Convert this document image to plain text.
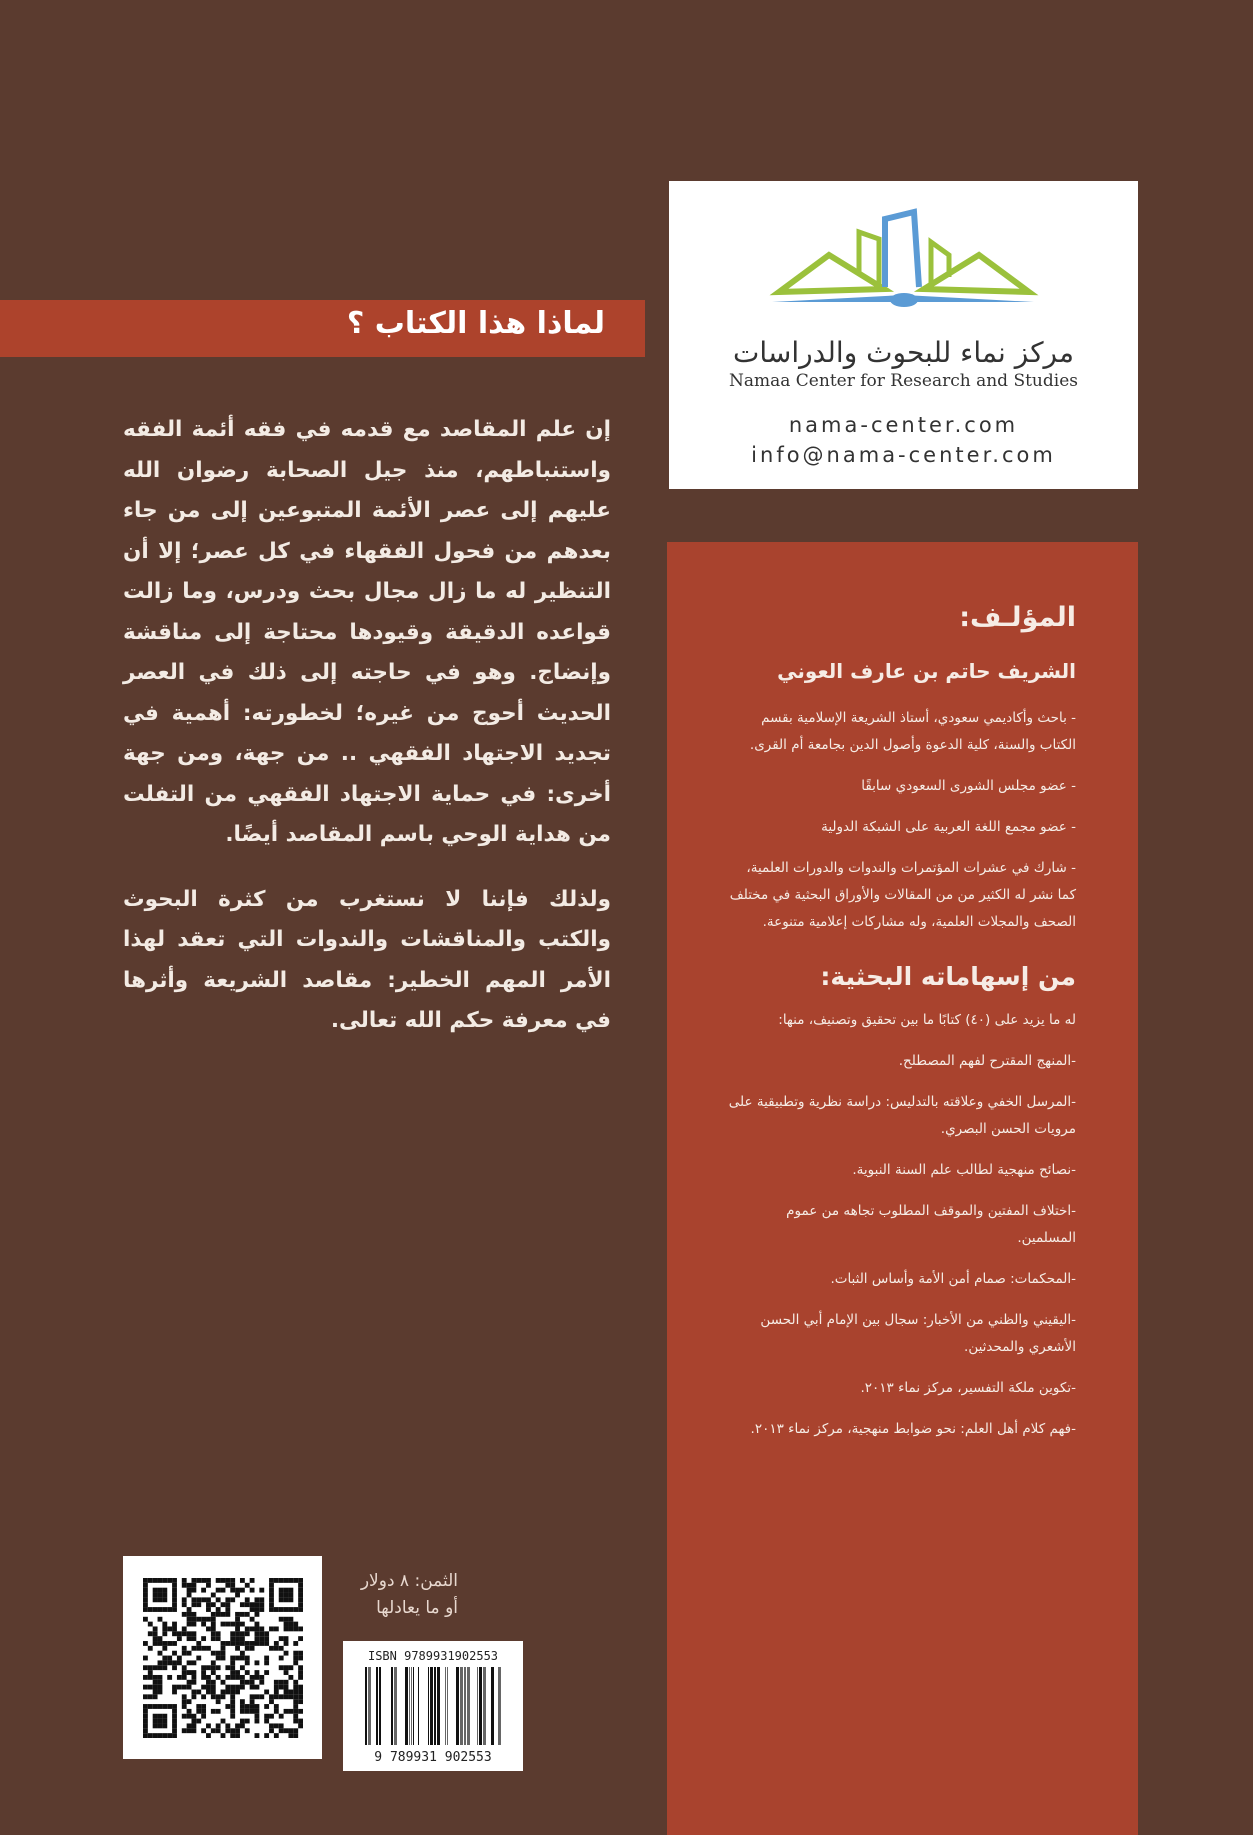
لماذا هذا الكتاب ؟

إن علم المقاصد مع قدمه في فقه أئمة الفقه واستنباطهم، منذ جيل الصحابة رضوان الله عليهم إلى عصر الأئمة المتبوعين إلى من جاء بعدهم من فحول الفقهاء في كل عصر؛ إلا أن التنظير له ما زال مجال بحث ودرس، وما زالت قواعده الدقيقة وقيودها محتاجة إلى مناقشة وإنضاج. وهو في حاجته إلى ذلك في العصر الحديث أحوج من غيره؛ لخطورته: أهمية في تجديد الاجتهاد الفقهي .. من جهة، ومن جهة أخرى: في حماية الاجتهاد الفقهي من التفلت من هداية الوحي باسم المقاصد أيضًا.

ولذلك فإننا لا نستغرب من كثرة البحوث والكتب والمناقشات والندوات التي تعقد لهذا الأمر المهم الخطير: مقاصد الشريعة وأثرها في معرفة حكم الله تعالى.

مركز نماء للبحوث والدراسات
Namaa Center for Research and Studies
nama-center.com
info@nama-center.com
المؤلـف:
الشريف حاتم بن عارف العوني

- باحث وأكاديمي سعودي، أستاذ الشريعة الإسلامية بقسم الكتاب والسنة، كلية الدعوة وأصول الدين بجامعة أم القرى.

- عضو مجلس الشورى السعودي سابقًا

- عضو مجمع اللغة العربية على الشبكة الدولية

- شارك في عشرات المؤتمرات والندوات والدورات العلمية، كما نشر له الكثير من من المقالات والأوراق البحثية في مختلف الصحف والمجلات العلمية، وله مشاركات إعلامية متنوعة.

من إسهاماته البحثية:

له ما يزيد على (٤٠) كتابًا ما بين تحقيق وتصنيف، منها:

-المنهج المقترح لفهم المصطلح.

-المرسل الخفي وعلاقته بالتدليس: دراسة نظرية وتطبيقية على مرويات الحسن البصري.

-نصائح منهجية لطالب علم السنة النبوية.

-اختلاف المفتين والموقف المطلوب تجاهه من عموم المسلمين.

-المحكمات: صمام أمن الأمة وأساس الثبات.

-اليقيني والظني من الأخبار: سجال بين الإمام أبي الحسن الأشعري والمحدثين.

-تكوين ملكة التفسير، مركز نماء ٢٠١٣.

-فهم كلام أهل العلم: نحو ضوابط منهجية، مركز نماء ٢٠١٣.

الثمن: ٨ دولار
أو ما يعادلها
ISBN 9789931902553
9 789931 902553
